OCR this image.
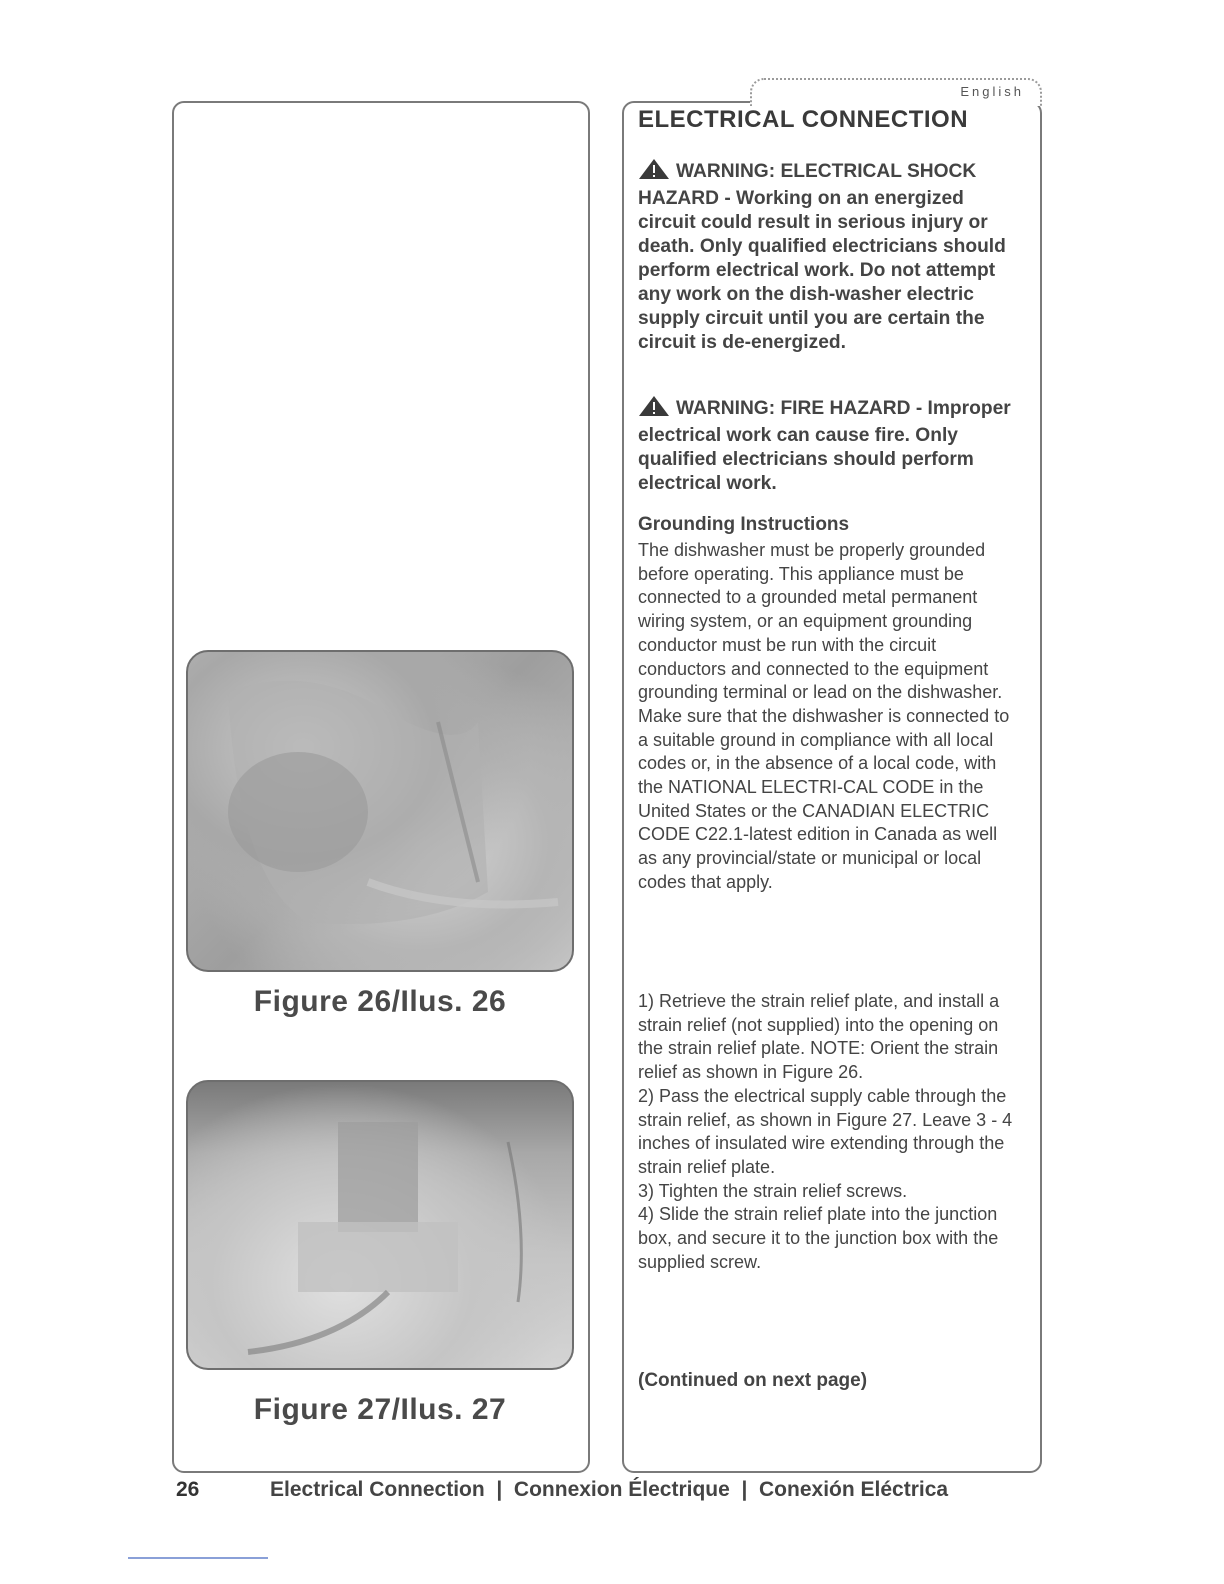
English
Figure 26/Ilus. 26
Figure 27/Ilus. 27
ELECTRICAL CONNECTION

WARNING: ELECTRICAL SHOCK HAZARD - Working on an energized circuit could result in serious injury or death. Only qualified electricians should perform electrical work. Do not attempt any work on the dish-washer electric supply circuit until you are certain the circuit is de-energized.

WARNING: FIRE HAZARD - Improper electrical work can cause fire. Only qualified electricians should perform electrical work.

Grounding Instructions

The dishwasher must be properly grounded before operating. This appliance must be connected to a grounded metal permanent wiring system, or an equipment grounding conductor must be run with the circuit conductors and connected to the equipment grounding terminal or lead on the dishwasher. Make sure that the dishwasher is connected to a suitable ground in compliance with all local codes or, in the absence of a local code, with the NATIONAL ELECTRI-CAL CODE in the United States or the CANADIAN ELECTRIC CODE C22.1-latest edition in Canada as well as any provincial/state or municipal or local codes that apply.

1) Retrieve the strain relief plate, and install a strain relief (not supplied) into the opening on the strain relief plate. NOTE: Orient the strain relief as shown in Figure 26.
2) Pass the electrical supply cable through the strain relief, as shown in Figure 27. Leave 3 - 4 inches of insulated wire extending through the strain relief plate.
3) Tighten the strain relief screws.
4) Slide the strain relief plate into the junction box, and secure it to the junction box with the supplied screw.

(Continued on next page)
26	Electrical Connection  |  Connexion Électrique  |  Conexión Eléctrica
